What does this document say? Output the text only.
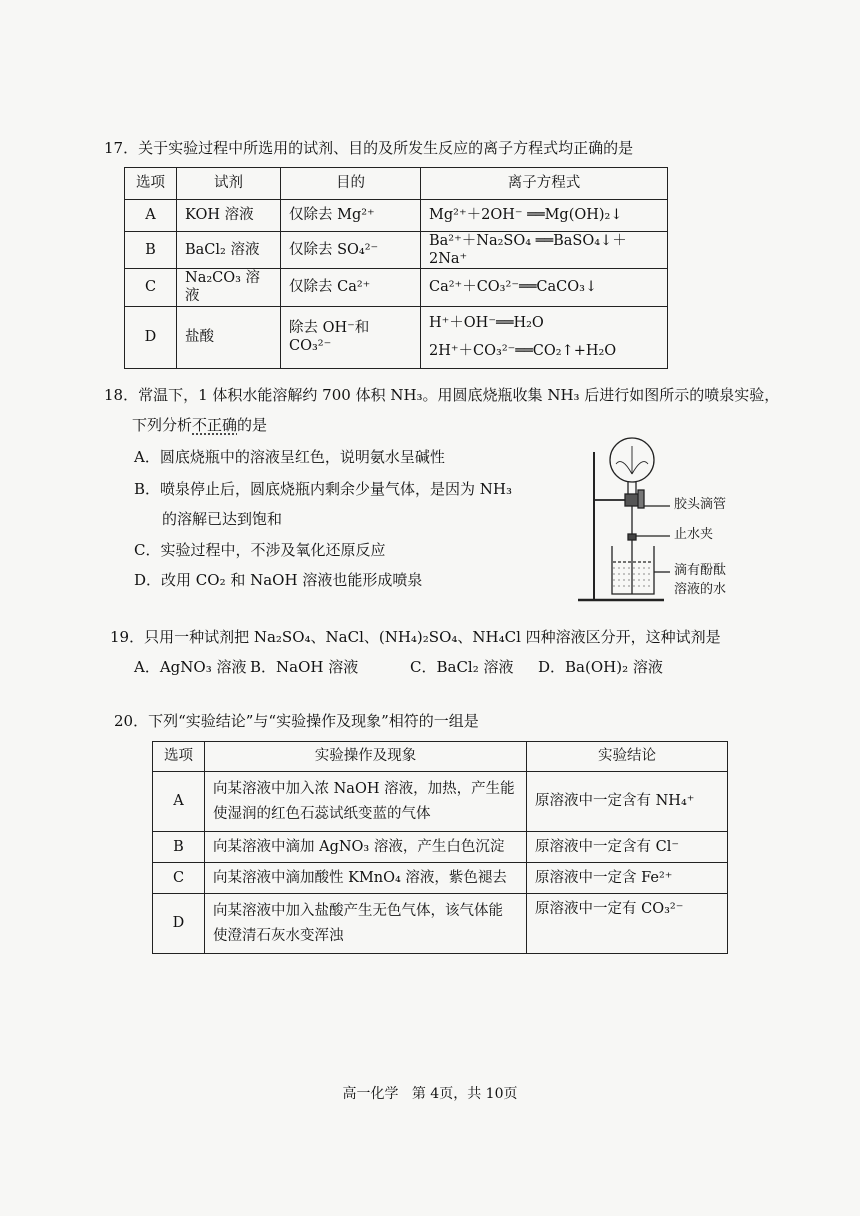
17．关于实验过程中所选用的试剂、目的及所发生反应的离子方程式均正确的是
选项	试剂	目的	离子方程式
A	KOH 溶液	仅除去 Mg²⁺	Mg²⁺＋2OH⁻ ══Mg(OH)₂↓
B	BaCl₂ 溶液	仅除去 SO₄²⁻	Ba²⁺＋Na₂SO₄ ══BaSO₄↓＋2Na⁺
C	Na₂CO₃ 溶液	仅除去 Ca²⁺	Ca²⁺＋CO₃²⁻══CaCO₃↓
D	盐酸	除去 OH⁻和 CO₃²⁻	H⁺＋OH⁻══H₂O
2H⁺＋CO₃²⁻══CO₂↑+H₂O
18．常温下，1 体积水能溶解约 700 体积 NH₃。用圆底烧瓶收集 NH₃ 后进行如图所示的喷泉实验，
下列分析不正确的是
A．圆底烧瓶中的溶液呈红色，说明氨水呈碱性
B．喷泉停止后，圆底烧瓶内剩余少量气体，是因为 NH₃
的溶解已达到饱和
C．实验过程中，不涉及氧化还原反应
D．改用 CO₂ 和 NaOH 溶液也能形成喷泉
胶头滴管
止水夹
滴有酚酞
溶液的水
19．只用一种试剂把 Na₂SO₄、NaCl、(NH₄)₂SO₄、NH₄Cl 四种溶液区分开，这种试剂是
A．AgNO₃ 溶液 B．NaOH 溶液	C．BaCl₂ 溶液 D．Ba(OH)₂ 溶液
20．下列“实验结论”与“实验操作及现象”相符的一组是
选项	实验操作及现象	实验结论
A	向某溶液中加入浓 NaOH 溶液，加热，产生能
使湿润的红色石蕊试纸变蓝的气体	原溶液中一定含有 NH₄⁺
B	向某溶液中滴加 AgNO₃ 溶液，产生白色沉淀	原溶液中一定含有 Cl⁻
C	向某溶液中滴加酸性 KMnO₄ 溶液，紫色褪去	原溶液中一定含 Fe²⁺
D	向某溶液中加入盐酸产生无色气体，该气体能
使澄清石灰水变浑浊	原溶液中一定有 CO₃²⁻
高一化学   第 4页，共 10页
